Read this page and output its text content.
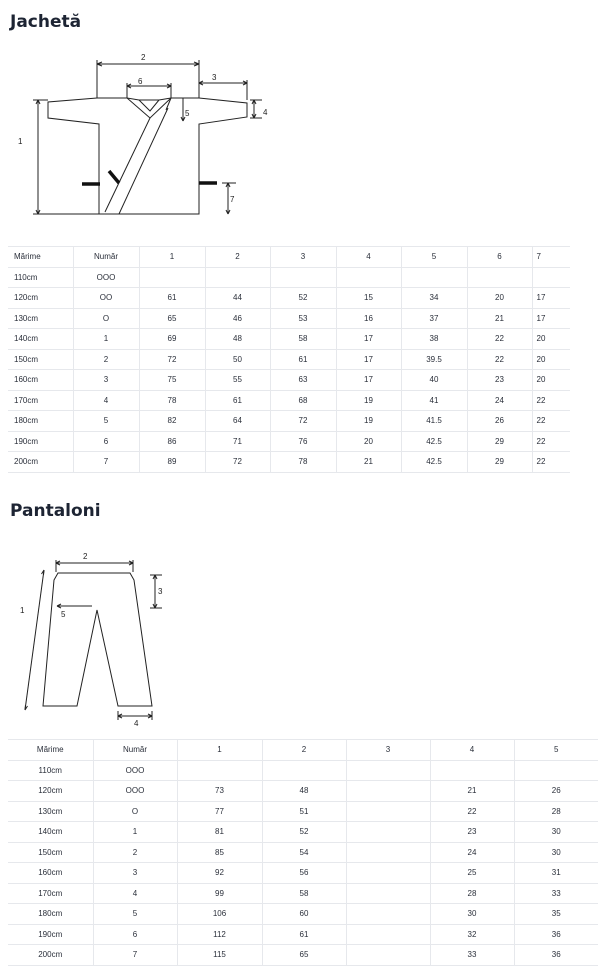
Jachetă
1
2
3
4
5
6
7
Mărime	Număr	1	2	3	4	5	6	7
110cm	OOO							
120cm	OO	61	44	52	15	34	20	17
130cm	O	65	46	53	16	37	21	17
140cm	1	69	48	58	17	38	22	20
150cm	2	72	50	61	17	39.5	22	20
160cm	3	75	55	63	17	40	23	20
170cm	4	78	61	68	19	41	24	22
180cm	5	82	64	72	19	41.5	26	22
190cm	6	86	71	76	20	42.5	29	22
200cm	7	89	72	78	21	42.5	29	22
Pantaloni
1
2
3
4
5
Mărime	Număr	1	2	3	4	5
110cm	OOO					
120cm	OOO	73	48		21	26
130cm	O	77	51		22	28
140cm	1	81	52		23	30
150cm	2	85	54		24	30
160cm	3	92	56		25	31
170cm	4	99	58		28	33
180cm	5	106	60		30	35
190cm	6	112	61		32	36
200cm	7	115	65		33	36
